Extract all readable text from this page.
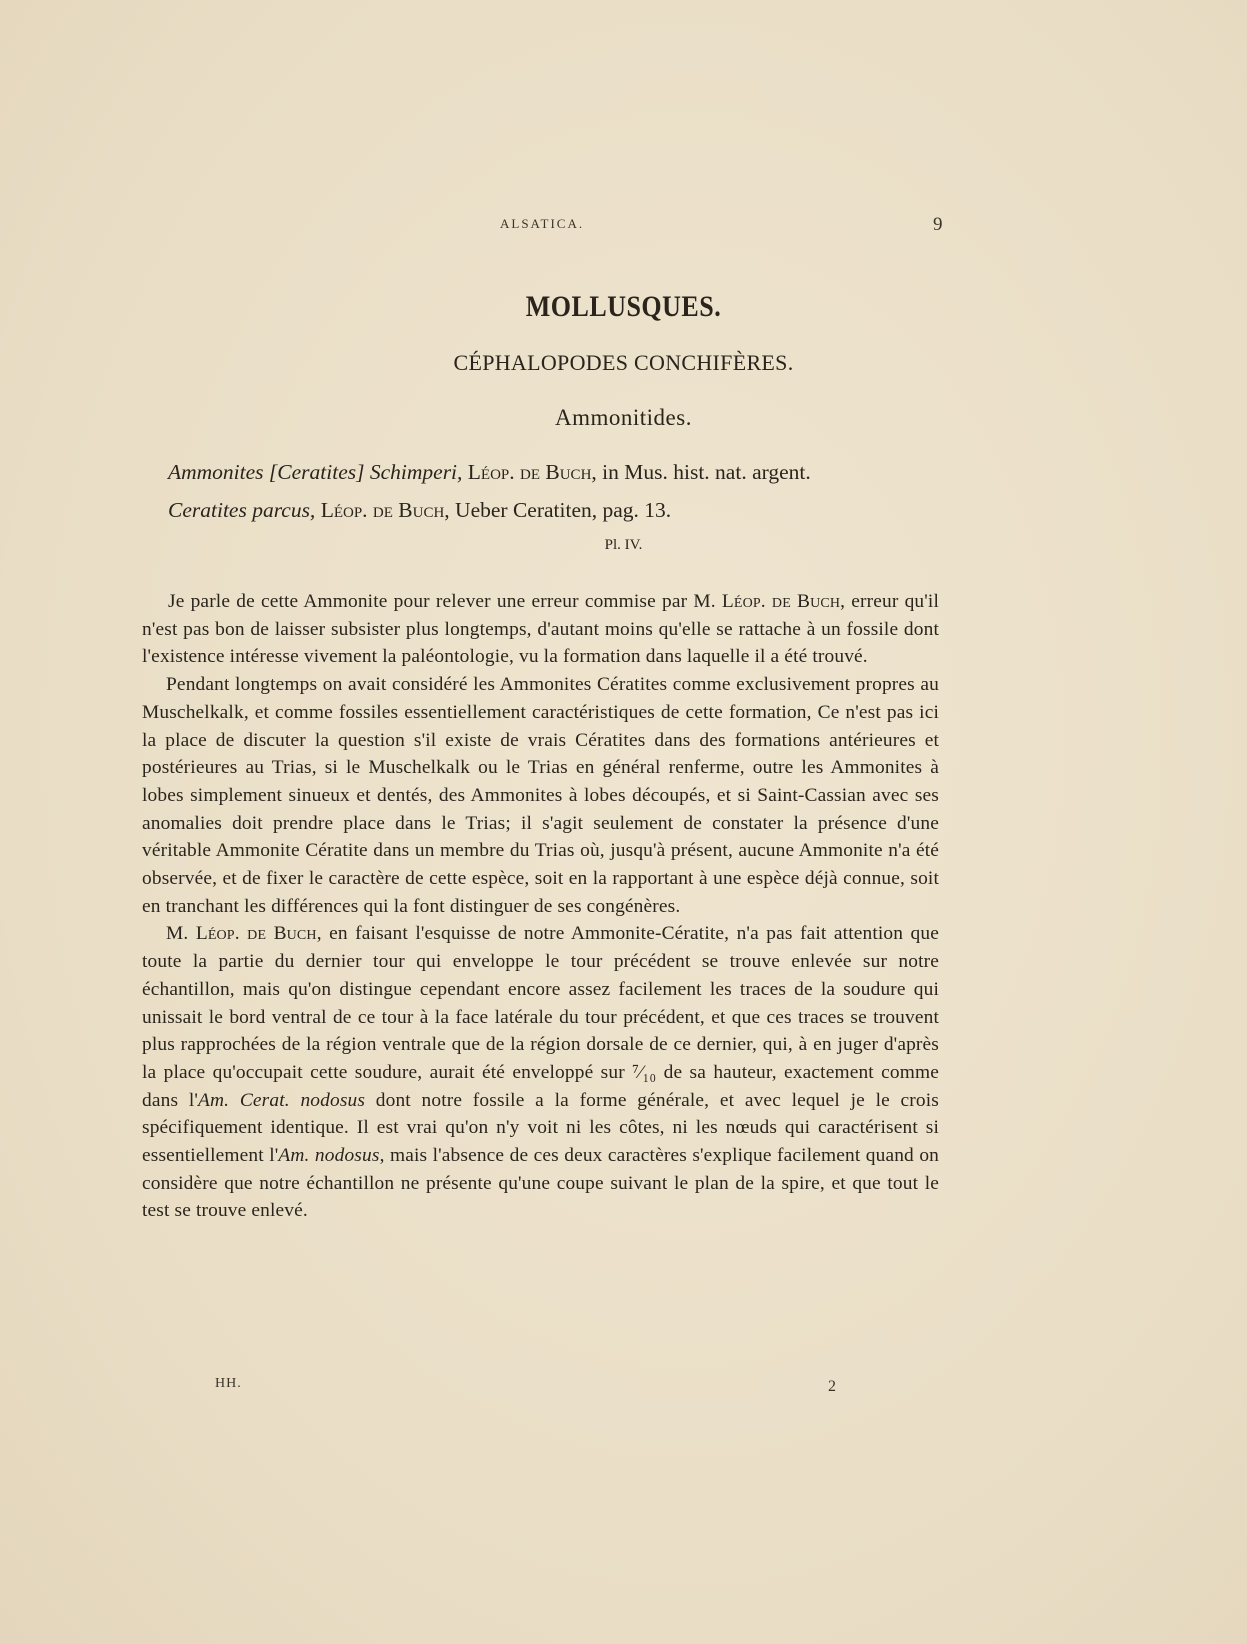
ALSATICA.	9
MOLLUSQUES.
CÉPHALOPODES CONCHIFÈRES.
Ammonitides.
Ammonites [Ceratites] Schimperi, Léop. de Buch, in Mus. hist. nat. argent.
Ceratites parcus, Léop. de Buch, Ueber Ceratiten, pag. 13.
Pl. IV.

Je parle de cette Ammonite pour relever une erreur commise par M. Léop. de Buch, erreur qu'il n'est pas bon de laisser subsister plus longtemps, d'autant moins qu'elle se rattache à un fossile dont l'existence intéresse vivement la paléontologie, vu la formation dans laquelle il a été trouvé.

Pendant longtemps on avait considéré les Ammonites Cératites comme exclusivement propres au Muschelkalk, et comme fossiles essentiellement caractéristiques de cette formation, Ce n'est pas ici la place de discuter la question s'il existe de vrais Cératites dans des formations antérieures et postérieures au Trias, si le Muschelkalk ou le Trias en général renferme, outre les Ammonites à lobes simplement sinueux et dentés, des Ammonites à lobes découpés, et si Saint-Cassian avec ses anomalies doit prendre place dans le Trias; il s'agit seulement de constater la présence d'une véritable Ammonite Cératite dans un membre du Trias où, jusqu'à présent, aucune Ammonite n'a été observée, et de fixer le caractère de cette espèce, soit en la rapportant à une espèce déjà connue, soit en tranchant les différences qui la font distinguer de ses congénères.

M. Léop. de Buch, en faisant l'esquisse de notre Ammonite-Cératite, n'a pas fait attention que toute la partie du dernier tour qui enveloppe le tour précédent se trouve enlevée sur notre échantillon, mais qu'on distingue cependant encore assez facilement les traces de la soudure qui unissait le bord ventral de ce tour à la face latérale du tour précédent, et que ces traces se trouvent plus rapprochées de la région ventrale que de la région dorsale de ce dernier, qui, à en juger d'après la place qu'occupait cette soudure, aurait été enveloppé sur ⁷⁄₁₀ de sa hauteur, exactement comme dans l'Am. Cerat. nodosus dont notre fossile a la forme générale, et avec lequel je le crois spécifiquement identique. Il est vrai qu'on n'y voit ni les côtes, ni les nœuds qui caractérisent si essentiellement l'Am. nodosus, mais l'absence de ces deux caractères s'explique facilement quand on considère que notre échantillon ne présente qu'une coupe suivant le plan de la spire, et que tout le test se trouve enlevé.

HH.	2
